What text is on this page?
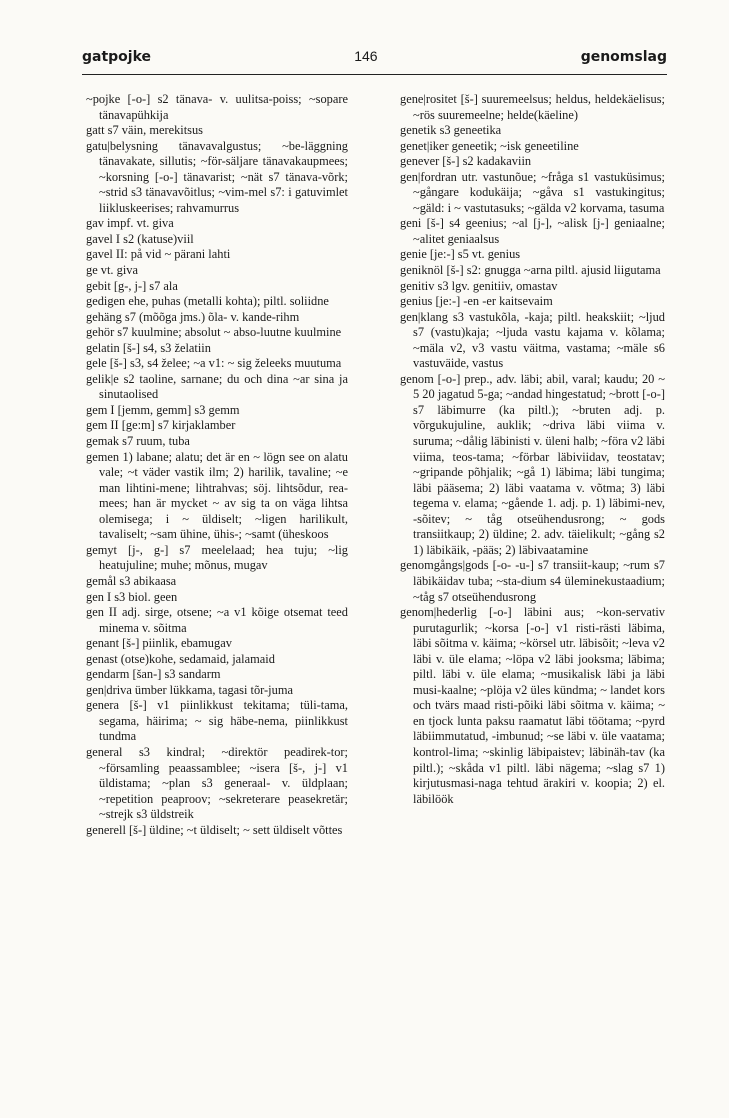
gatpojke	146	genomslag

~pojke [-o-] s2 tänava- v. uulitsa-poiss; ~sopare tänavapühkija

gatt s7 väin, merekitsus

gatu|belysning tänavavalgustus; ~be-läggning tänavakate, sillutis; ~för-säljare tänavakaupmees; ~korsning [-o-] tänavarist; ~nät s7 tänava-võrk; ~strid s3 tänavavõitlus; ~vim-mel s7: i gatuvimlet liikluskeerises; rahvamurrus

gav impf. vt. giva

gavel I s2 (katuse)viil

gavel II: på vid ~ pärani lahti

ge vt. giva

gebit [g-, j-] s7 ala

gedigen ehe, puhas (metalli kohta); piltl. soliidne

gehäng s7 (mõõga jms.) õla- v. kande-rihm

gehör s7 kuulmine; absolut ~ abso-luutne kuulmine

gelatin [š-] s4, s3 želatiin

gele [š-] s3, s4 želee; ~a v1: ~ sig želeeks muutuma

gelik|e s2 taoline, sarnane; du och dina ~ar sina ja sinutaolised

gem I [jemm, gemm] s3 gemm

gem II [ge:m] s7 kirjaklamber

gemak s7 ruum, tuba

gemen 1) labane; alatu; det är en ~ lögn see on alatu vale; ~t väder vastik ilm; 2) harilik, tavaline; ~e man lihtini-mene; lihtrahvas; söj. lihtsõdur, rea-mees; han är mycket ~ av sig ta on väga lihtsa olemisega; i ~ üldiselt; ~ligen harilikult, tavaliselt; ~sam ühine, ühis-; ~samt (üheskoos

gemyt [j-, g-] s7 meelelaad; hea tuju; ~lig heatujuline; muhe; mõnus, mugav

gemål s3 abikaasa

gen I s3 biol. geen

gen II adj. sirge, otsene; ~a v1 kõige otsemat teed minema v. sõitma

genant [š-] piinlik, ebamugav

genast (otse)kohe, sedamaid, jalamaid

gendarm [šan-] s3 sandarm

gen|driva ümber lükkama, tagasi tõr-juma

genera [š-] v1 piinlikkust tekitama; tüli-tama, segama, häirima; ~ sig häbe-nema, piinlikkust tundma

general s3 kindral; ~direktör peadirek-tor; ~församling peaassamblee; ~isera [š-, j-] v1 üldistama; ~plan s3 generaal- v. üldplaan; ~repetition peaproov; ~sekreterare peasekretär; ~strejk s3 üldstreik

generell [š-] üldine; ~t üldiselt; ~ sett üldiselt võttes

gene|rositet [š-] suuremeelsus; heldus, heldekäelisus; ~rös suuremeelne; helde(käeline)

genetik s3 geneetika

genet|iker geneetik; ~isk geneetiline

genever [š-] s2 kadakaviin

gen|fordran utr. vastunõue; ~fråga s1 vastuküsimus; ~gångare kodukäija; ~gåva s1 vastukingitus; ~gäld: i ~ vastutasuks; ~gälda v2 korvama, tasuma

geni [š-] s4 geenius; ~al [j-], ~alisk [j-] geniaalne; ~alitet geniaalsus

genie [je:-] s5 vt. genius

geniknöl [š-] s2: gnugga ~arna piltl. ajusid liigutama

genitiv s3 lgv. genitiiv, omastav

genius [je:-] -en -er kaitsevaim

gen|klang s3 vastukõla, -kaja; piltl. heakskiit; ~ljud s7 (vastu)kaja; ~ljuda vastu kajama v. kõlama; ~mäla v2, v3 vastu väitma, vastama; ~mäle s6 vastuväide, vastus

genom [-o-] prep., adv. läbi; abil, varal; kaudu; 20 ~ 5 20 jagatud 5-ga; ~andad hingestatud; ~brott [-o-] s7 läbimurre (ka piltl.); ~bruten adj. p. võrgukujuline, auklik; ~driva läbi viima v. suruma; ~dålig läbinisti v. üleni halb; ~föra v2 läbi viima, teos-tama; ~förbar läbiviidav, teostatav; ~gripande põhjalik; ~gå 1) läbima; läbi tungima; läbi pääsema; 2) läbi vaatama v. võtma; 3) läbi tegema v. elama; ~gående 1. adj. p. 1) läbimi-nev, -sõitev; ~ tåg otseühendusrong; ~ gods transiitkaup; 2) üldine; 2. adv. täielikult; ~gång s2 1) läbikäik, -pääs; 2) läbivaatamine

genomgångs|gods [-o- -u-] s7 transiit-kaup; ~rum s7 läbikäidav tuba; ~sta-dium s4 üleminekustaadium; ~tåg s7 otseühendusrong

genom|hederlig [-o-] läbini aus; ~kon-servativ purutagurlik; ~korsa [-o-] v1 risti-rästi läbima, läbi sõitma v. käima; ~körsel utr. läbisõit; ~leva v2 läbi v. üle elama; ~löpa v2 läbi jooksma; läbima; piltl. läbi v. üle elama; ~musikalisk läbi ja läbi musi-kaalne; ~plöja v2 üles kündma; ~ landet kors och tvärs maad risti-põiki läbi sõitma v. käima; ~ en tjock lunta paksu raamatut läbi töötama; ~pyrd läbiimmutatud, -imbunud; ~se läbi v. üle vaatama; kontrol-lima; ~skinlig läbipaistev; läbinäh-tav (ka piltl.); ~skåda v1 piltl. läbi nägema; ~slag s7 1) kirjutusmasi-naga tehtud ärakiri v. koopia; 2) el. läbilöök
